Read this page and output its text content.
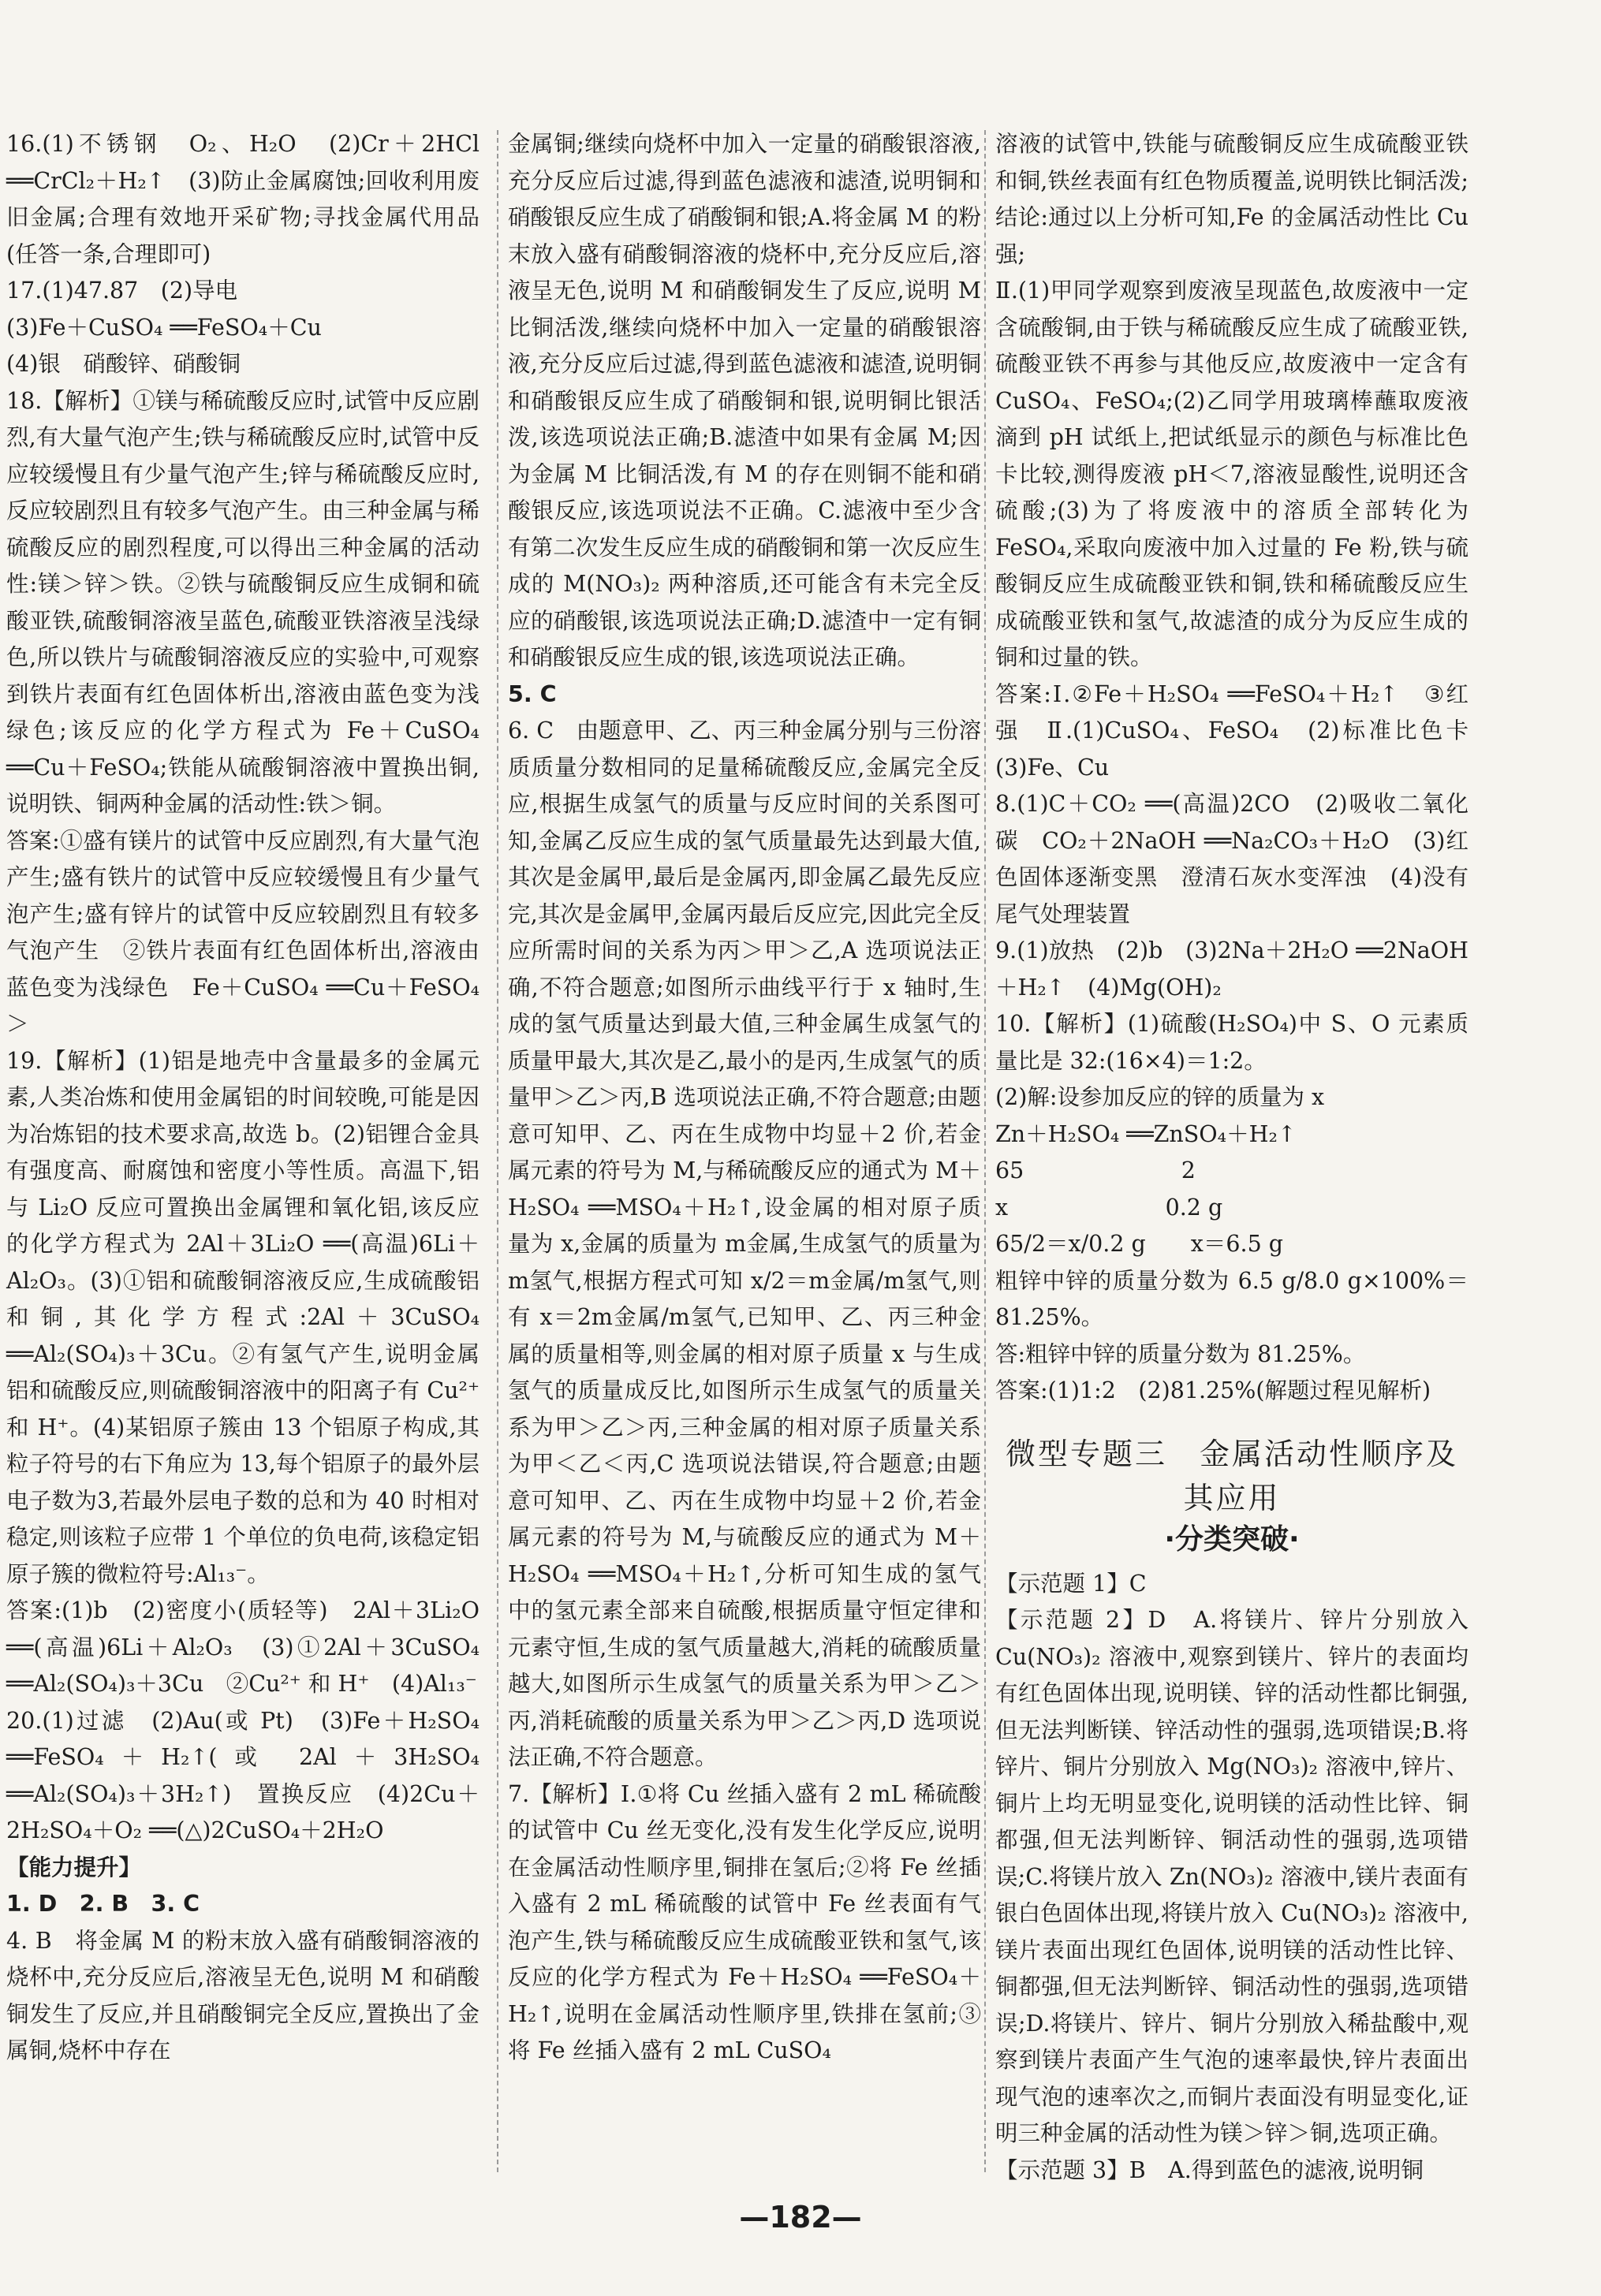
16.(1)不锈钢　O₂、H₂O　(2)Cr＋2HCl ══CrCl₂＋H₂↑　(3)防止金属腐蚀;回收利用废旧金属;合理有效地开采矿物;寻找金属代用品(任答一条,合理即可)

17.(1)47.87　(2)导电

(3)Fe＋CuSO₄ ══FeSO₄＋Cu

(4)银　硝酸锌、硝酸铜

18.【解析】①镁与稀硫酸反应时,试管中反应剧烈,有大量气泡产生;铁与稀硫酸反应时,试管中反应较缓慢且有少量气泡产生;锌与稀硫酸反应时,反应较剧烈且有较多气泡产生。由三种金属与稀硫酸反应的剧烈程度,可以得出三种金属的活动性:镁＞锌＞铁。②铁与硫酸铜反应生成铜和硫酸亚铁,硫酸铜溶液呈蓝色,硫酸亚铁溶液呈浅绿色,所以铁片与硫酸铜溶液反应的实验中,可观察到铁片表面有红色固体析出,溶液由蓝色变为浅绿色;该反应的化学方程式为 Fe＋CuSO₄ ══Cu＋FeSO₄;铁能从硫酸铜溶液中置换出铜,说明铁、铜两种金属的活动性:铁＞铜。

答案:①盛有镁片的试管中反应剧烈,有大量气泡产生;盛有铁片的试管中反应较缓慢且有少量气泡产生;盛有锌片的试管中反应较剧烈且有较多气泡产生　②铁片表面有红色固体析出,溶液由蓝色变为浅绿色　Fe＋CuSO₄ ══Cu＋FeSO₄　＞

19.【解析】(1)铝是地壳中含量最多的金属元素,人类冶炼和使用金属铝的时间较晚,可能是因为冶炼铝的技术要求高,故选 b。(2)铝锂合金具有强度高、耐腐蚀和密度小等性质。高温下,铝与 Li₂O 反应可置换出金属锂和氧化铝,该反应的化学方程式为 2Al＋3Li₂O ══(高温)6Li＋Al₂O₃。(3)①铝和硫酸铜溶液反应,生成硫酸铝和铜,其化学方程式:2Al＋3CuSO₄ ══Al₂(SO₄)₃＋3Cu。②有氢气产生,说明金属铝和硫酸反应,则硫酸铜溶液中的阳离子有 Cu²⁺ 和 H⁺。(4)某铝原子簇由 13 个铝原子构成,其粒子符号的右下角应为 13,每个铝原子的最外层电子数为3,若最外层电子数的总和为 40 时相对稳定,则该粒子应带 1 个单位的负电荷,该稳定铝原子簇的微粒符号:Al₁₃⁻。

答案:(1)b　(2)密度小(质轻等)　2Al＋3Li₂O ══(高温)6Li＋Al₂O₃　(3)①2Al＋3CuSO₄ ══Al₂(SO₄)₃＋3Cu　②Cu²⁺ 和 H⁺　(4)Al₁₃⁻

20.(1)过滤　(2)Au(或 Pt)　(3)Fe＋H₂SO₄ ══FeSO₄＋H₂↑(或 2Al＋3H₂SO₄ ══Al₂(SO₄)₃＋3H₂↑)　置换反应　(4)2Cu＋2H₂SO₄＋O₂ ══(△)2CuSO₄＋2H₂O

【能力提升】

1. D　2. B　3. C

4. B　将金属 M 的粉末放入盛有硝酸铜溶液的烧杯中,充分反应后,溶液呈无色,说明 M 和硝酸铜发生了反应,并且硝酸铜完全反应,置换出了金属铜,烧杯中存在

金属铜;继续向烧杯中加入一定量的硝酸银溶液,充分反应后过滤,得到蓝色滤液和滤渣,说明铜和硝酸银反应生成了硝酸铜和银;A.将金属 M 的粉末放入盛有硝酸铜溶液的烧杯中,充分反应后,溶液呈无色,说明 M 和硝酸铜发生了反应,说明 M 比铜活泼,继续向烧杯中加入一定量的硝酸银溶液,充分反应后过滤,得到蓝色滤液和滤渣,说明铜和硝酸银反应生成了硝酸铜和银,说明铜比银活泼,该选项说法正确;B.滤渣中如果有金属 M;因为金属 M 比铜活泼,有 M 的存在则铜不能和硝酸银反应,该选项说法不正确。C.滤液中至少含有第二次发生反应生成的硝酸铜和第一次反应生成的 M(NO₃)₂ 两种溶质,还可能含有未完全反应的硝酸银,该选项说法正确;D.滤渣中一定有铜和硝酸银反应生成的银,该选项说法正确。

5. C

6. C　由题意甲、乙、丙三种金属分别与三份溶质质量分数相同的足量稀硫酸反应,金属完全反应,根据生成氢气的质量与反应时间的关系图可知,金属乙反应生成的氢气质量最先达到最大值,其次是金属甲,最后是金属丙,即金属乙最先反应完,其次是金属甲,金属丙最后反应完,因此完全反应所需时间的关系为丙＞甲＞乙,A 选项说法正确,不符合题意;如图所示曲线平行于 x 轴时,生成的氢气质量达到最大值,三种金属生成氢气的质量甲最大,其次是乙,最小的是丙,生成氢气的质量甲＞乙＞丙,B 选项说法正确,不符合题意;由题意可知甲、乙、丙在生成物中均显＋2 价,若金属元素的符号为 M,与稀硫酸反应的通式为 M＋H₂SO₄ ══MSO₄＋H₂↑,设金属的相对原子质量为 x,金属的质量为 m金属,生成氢气的质量为 m氢气,根据方程式可知 x/2＝m金属/m氢气,则有 x＝2m金属/m氢气,已知甲、乙、丙三种金属的质量相等,则金属的相对原子质量 x 与生成氢气的质量成反比,如图所示生成氢气的质量关系为甲＞乙＞丙,三种金属的相对原子质量关系为甲＜乙＜丙,C 选项说法错误,符合题意;由题意可知甲、乙、丙在生成物中均显＋2 价,若金属元素的符号为 M,与硫酸反应的通式为 M＋H₂SO₄ ══MSO₄＋H₂↑,分析可知生成的氢气中的氢元素全部来自硫酸,根据质量守恒定律和元素守恒,生成的氢气质量越大,消耗的硫酸质量越大,如图所示生成氢气的质量关系为甲＞乙＞丙,消耗硫酸的质量关系为甲＞乙＞丙,D 选项说法正确,不符合题意。

7.【解析】Ⅰ.①将 Cu 丝插入盛有 2 mL 稀硫酸的试管中 Cu 丝无变化,没有发生化学反应,说明在金属活动性顺序里,铜排在氢后;②将 Fe 丝插入盛有 2 mL 稀硫酸的试管中 Fe 丝表面有气泡产生,铁与稀硫酸反应生成硫酸亚铁和氢气,该反应的化学方程式为 Fe＋H₂SO₄ ══FeSO₄＋H₂↑,说明在金属活动性顺序里,铁排在氢前;③将 Fe 丝插入盛有 2 mL CuSO₄

溶液的试管中,铁能与硫酸铜反应生成硫酸亚铁和铜,铁丝表面有红色物质覆盖,说明铁比铜活泼;结论:通过以上分析可知,Fe 的金属活动性比 Cu 强;

Ⅱ.(1)甲同学观察到废液呈现蓝色,故废液中一定含硫酸铜,由于铁与稀硫酸反应生成了硫酸亚铁,硫酸亚铁不再参与其他反应,故废液中一定含有 CuSO₄、FeSO₄;(2)乙同学用玻璃棒蘸取废液滴到 pH 试纸上,把试纸显示的颜色与标准比色卡比较,测得废液 pH＜7,溶液显酸性,说明还含硫酸;(3)为了将废液中的溶质全部转化为 FeSO₄,采取向废液中加入过量的 Fe 粉,铁与硫酸铜反应生成硫酸亚铁和铜,铁和稀硫酸反应生成硫酸亚铁和氢气,故滤渣的成分为反应生成的铜和过量的铁。

答案:Ⅰ.②Fe＋H₂SO₄ ══FeSO₄＋H₂↑　③红　强　Ⅱ.(1)CuSO₄、FeSO₄　(2)标准比色卡　(3)Fe、Cu

8.(1)C＋CO₂ ══(高温)2CO　(2)吸收二氧化碳　CO₂＋2NaOH ══Na₂CO₃＋H₂O　(3)红色固体逐渐变黑　澄清石灰水变浑浊　(4)没有尾气处理装置

9.(1)放热　(2)b　(3)2Na＋2H₂O ══2NaOH＋H₂↑　(4)Mg(OH)₂

10.【解析】(1)硫酸(H₂SO₄)中 S、O 元素质量比是 32:(16×4)＝1:2。

(2)解:设参加反应的锌的质量为 x

Zn＋H₂SO₄ ══ZnSO₄＋H₂↑

65　　　　　　　2

x　　　　　　　0.2 g

65/2＝x/0.2 g　　x＝6.5 g

粗锌中锌的质量分数为 6.5 g/8.0 g×100%＝81.25%。

答:粗锌中锌的质量分数为 81.25%。

答案:(1)1:2　(2)81.25%(解题过程见解析)

微型专题三　金属活动性顺序及其应用
·分类突破·

【示范题 1】C

【示范题 2】D　A.将镁片、锌片分别放入 Cu(NO₃)₂ 溶液中,观察到镁片、锌片的表面均有红色固体出现,说明镁、锌的活动性都比铜强,但无法判断镁、锌活动性的强弱,选项错误;B.将锌片、铜片分别放入 Mg(NO₃)₂ 溶液中,锌片、铜片上均无明显变化,说明镁的活动性比锌、铜都强,但无法判断锌、铜活动性的强弱,选项错误;C.将镁片放入 Zn(NO₃)₂ 溶液中,镁片表面有银白色固体出现,将镁片放入 Cu(NO₃)₂ 溶液中,镁片表面出现红色固体,说明镁的活动性比锌、铜都强,但无法判断锌、铜活动性的强弱,选项错误;D.将镁片、锌片、铜片分别放入稀盐酸中,观察到镁片表面产生气泡的速率最快,锌片表面出现气泡的速率次之,而铜片表面没有明显变化,证明三种金属的活动性为镁＞锌＞铜,选项正确。

【示范题 3】B　A.得到蓝色的滤液,说明铜

—182—
